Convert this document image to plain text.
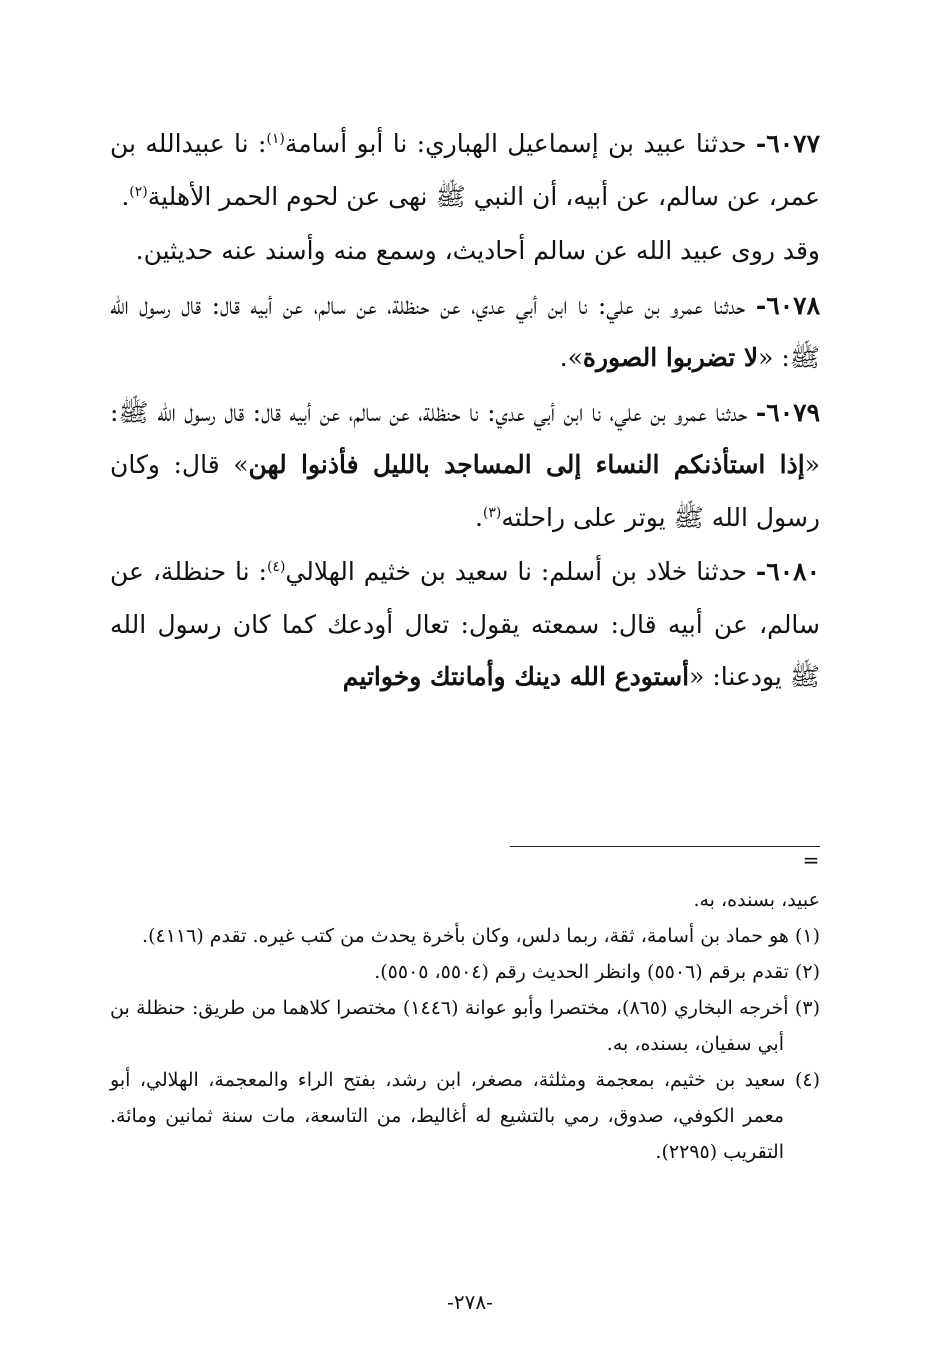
٦٠٧٧- حدثنا عبيد بن إسماعيل الهباري: نا أبو أسامة$^{(١)}$: نا عبيدالله بن عمر، عن سالم، عن أبيه، أن النبي ﷺ نهى عن لحوم الحمر الأهلية$^{(٢)}$.

وقد روى عبيد الله عن سالم أحاديث، وسمع منه وأسند عنه حديثين.

٦٠٧٨- حدثنا عمرو بن علي: نا ابن أبي عدي، عن حنظلة، عن سالم، عن أبيه قال: قال رسول الله ﷺ: «لا تضربوا الصورة».

٦٠٧٩- حدثنا عمرو بن علي، نا ابن أبي عدي: نا حنظلة، عن سالم، عن أبيه قال: قال رسول الله ﷺ: «إذا استأذنكم النساء إلى المساجد بالليل فأذنوا لهن» قال: وكان رسول الله ﷺ يوتر على راحلته$^{(٣)}$.

٦٠٨٠- حدثنا خلاد بن أسلم: نا سعيد بن خثيم الهلالي$^{(٤)}$: نا حنظلة، عن سالم، عن أبيه قال: سمعته يقول: تعال أودعك كما كان رسول الله ﷺ يودعنا: «أستودع الله دينك وأمانتك وخواتيم

=

عبيد، بسنده، به.

(١) هو حماد بن أسامة، ثقة، ربما دلس، وكان بأخرة يحدث من كتب غيره. تقدم (٤١١٦).

(٢) تقدم برقم (٥٥٠٦) وانظر الحديث رقم (٥٥٠٤، ٥٥٠٥).

(٣) أخرجه البخاري (٨٦٥)، مختصرا وأبو عوانة (١٤٤٦) مختصرا كلاهما من طريق: حنظلة بن أبي سفيان، بسنده، به.

(٤) سعيد بن خثيم، بمعجمة ومثلثة، مصغر، ابن رشد، بفتح الراء والمعجمة، الهلالي، أبو معمر الكوفي، صدوق، رمي بالتشيع له أغاليط، من التاسعة، مات سنة ثمانين ومائة. التقريب (٢٢٩٥).

-٢٧٨-
